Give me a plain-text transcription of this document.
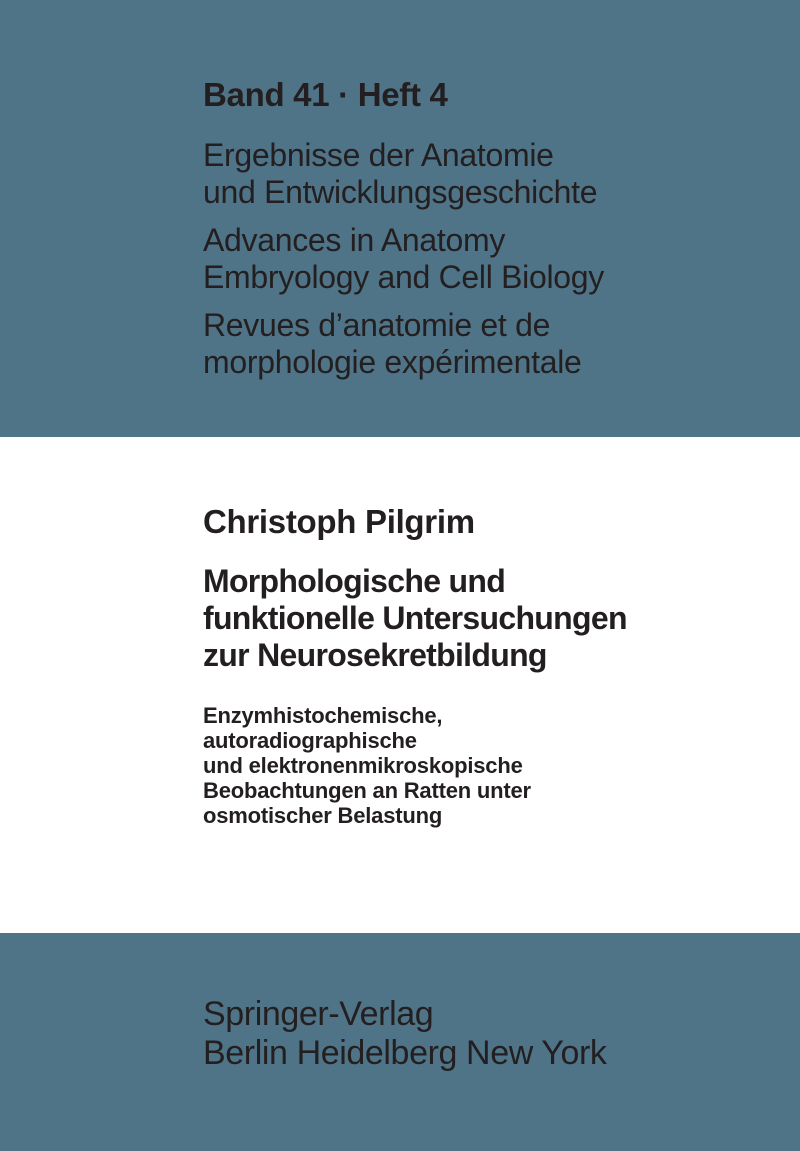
Band 41 · Heft 4
Ergebnisse der Anatomie
und Entwicklungsgeschichte
Advances in Anatomy
Embryology and Cell Biology
Revues d’anatomie et de
morphologie expérimentale
Christoph Pilgrim
Morphologische und
funktionelle Untersuchungen
zur Neurosekretbildung
Enzymhistochemische,
autoradiographische
und elektronenmikroskopische
Beobachtungen an Ratten unter
osmotischer Belastung
Springer-Verlag
Berlin Heidelberg New York
